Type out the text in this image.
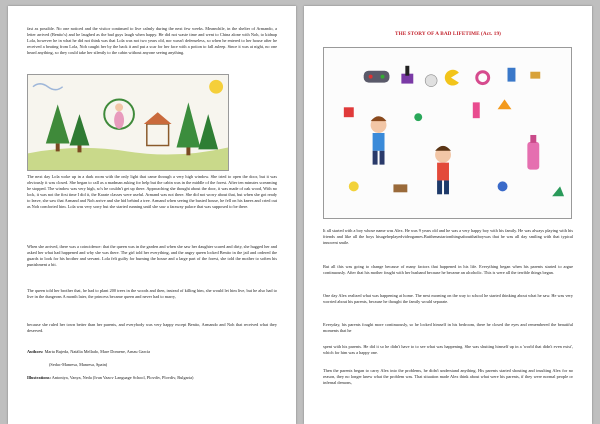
fast as possible. No one noticed and the visitor continued to live calmly during the next few weeks. Meanwhile, in the shelter of Armando, a letter arrived (Benito's) and he laughed as the bad guys laugh when happy. He did not waste time and went to China alone with Noh, to kidnap Lola, however he in what he did not think was that Lola was not two years old, nor wasn't defenseless, so when he entered to her house after he received a beating from Lola, Noh caught her by the back it and put a scar for her face with a potion to fall asleep. Since it was at night, no one heard anything, so they could take her silently to the cabin without anyone seeing anything.

The next day Lola woke up in a dark room with the only light that came through a very high window. She tried to open the door, but it was obviously it was closed. She began to call as a madman asking for help but the cabin was in the middle of the forest. After ten minutes screaming he stopped. The window was very high, so's he couldn't get up there. Approaching she thought about the door, it was made of oak wood, With no lock, it was not the first time I did it, the Karate classes were useful. Armand was not there. She did not worry about that, but when she got ready to leave, she saw that Armand and Noh arrive and she hid behind a tree. Armand when seeing the busted house, he fell on his knees and cried out as Noh comforted him. Lola was very sorry but she started running until she saw a faraway palace that was supposed to be there.

When she arrived, there was a coincidence: that the queen was in the garden and when she saw her daughter scared and dirty, she hugged her and asked her what had happened and why she was there. The girl told her everything, and the angry queen locked Benito in the jail and ordered the guards to look for his brother and servant. Lola felt guilty for burning the house and a large part of the forest, she told the mother to soften his punishment a bit.

The queen told her brother that, he had to plant 200 trees in the woods and then, instead of killing him, she would let him live, but he also had to live in the dungeons A month later, the princess became queen and never had to marry,

because she ruled her town better than her parents, and everybody was very happy except Benito, Armando and Noh that received what they deserved.

Authors: Marta Bujeda, Natàlia Mellado, Mare Domene, Arnau García
(Sedac-Manresa, Manresa, Spain)
Illustrations: Antoniya, Vanya, Neda (Ivan Vazov Language School, Plovdiv, Plovdiv, Bulgaria)
THE STORY OF A BAD LIFETIME (Act. 19)

It all started with a boy whose name was Alex. He was 9 years old and he was a very happy boy with his family. He was always playing with his friends and like all the boys hisageheplayedvideogames.Butthenastartonthingsaboutthatboywas that he was all day smiling with that typical innocent smile.

But all this was going to change because of many factors that happened in his life. Everything began when his parents started to argue continuously. After that his mother fought with her husband because he became an alcoholic. This is were all the terrible things began.

One day Alex realized what was happening at home. The next morning on the way to school he started thinking about what he saw. He was very worried about his parents, because he thought the family would separate.

Everyday, his parents fought more continuously, so he locked himself in his bedroom, there he closed the eyes and remembered the beautiful moments that he

spent with his parents. He did it so he didn't have to to see what was happening. She was shutting himself up in a 'world that didn't even exist', which for him was a happy one.

Then the parents began to carry Alex into the problems, he didn't understand anything. His parents started shouting and insulting Alex for no reason, they no longer knew what the problem was. That situation made Alex think about what were his parents, if they were normal people or infernal demons,
